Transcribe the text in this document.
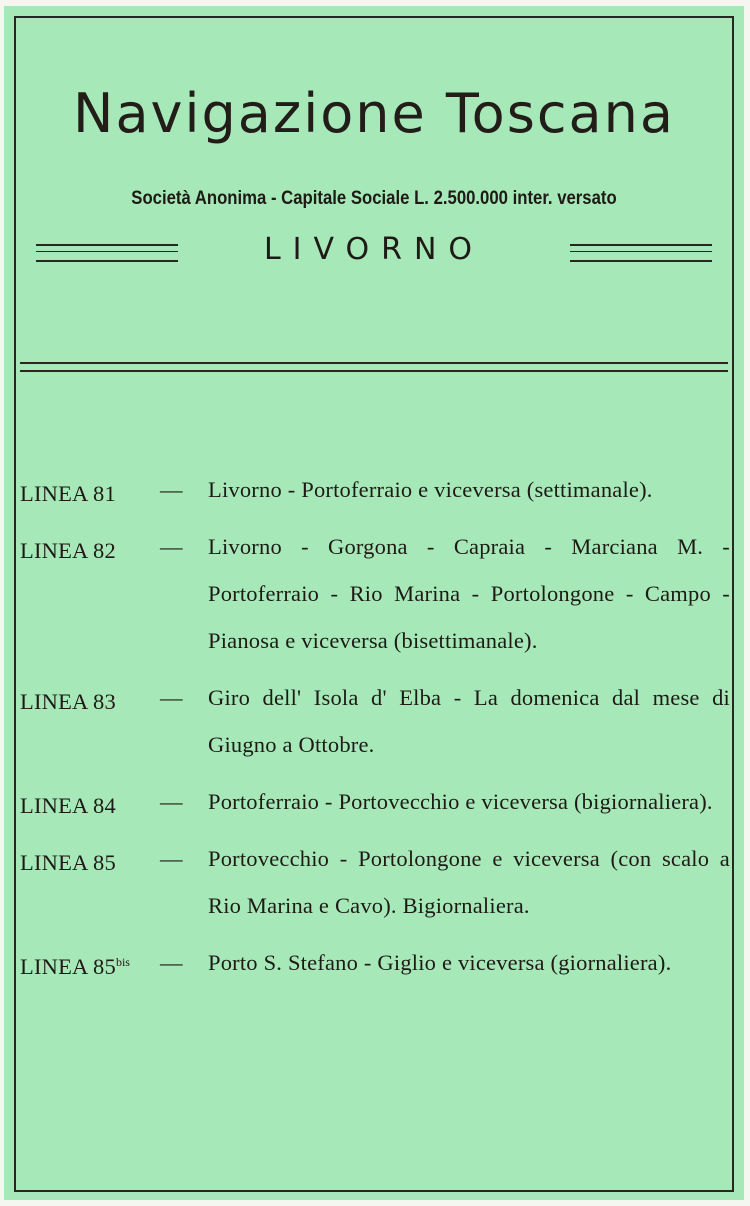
Navigazione Toscana
Società Anonima - Capitale Sociale L. 2.500.000 inter. versato
LIVORNO
LINEA 81 — Livorno - Portoferraio e viceversa (settimanale).
LINEA 82 — Livorno - Gorgona - Capraia - Marciana M. - Portoferraio - Rio Marina - Portolongone - Campo - Pianosa e viceversa (bisettimanale).
LINEA 83 — Giro dell' Isola d' Elba - La domenica dal mese di Giugno a Ottobre.
LINEA 84 — Portoferraio - Portovecchio e viceversa (bigiornaliera).
LINEA 85 — Portovecchio - Portolongone e viceversa (con scalo a Rio Marina e Cavo). Bigiornaliera.
LINEA $85^{bis}$ — Porto S. Stefano - Giglio e viceversa (giornaliera).
